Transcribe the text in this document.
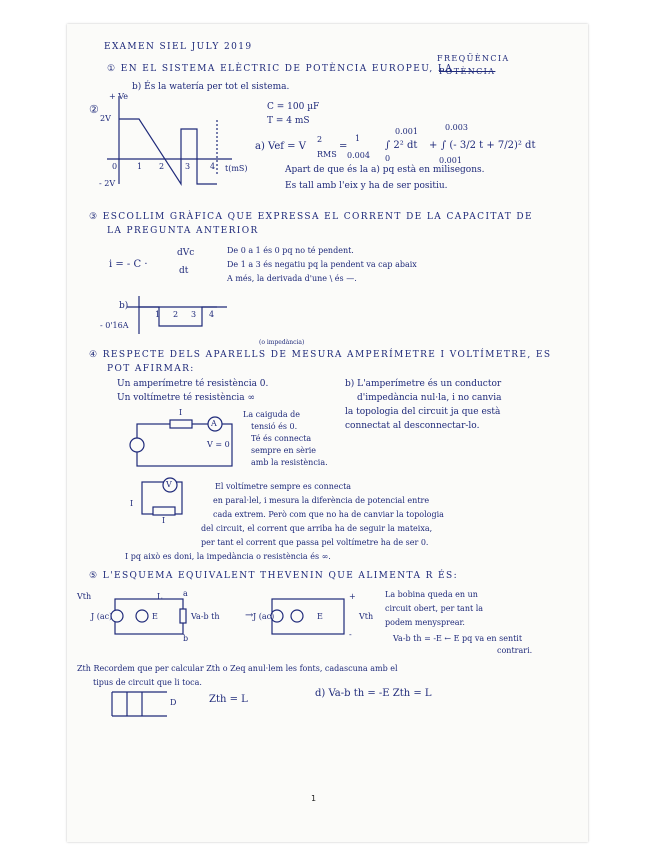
EXAMEN SIEL JULY 2019
FREQÜÈNCIA
① EN EL SISTEMA ELÈCTRIC DE POTÈNCIA EUROPEU, LA
POTÈNCIA
b) És la watería per tot el sistema.
②
+ Ve
2V
- 2V
t(mS)
0 1 2	3 4
C = 100 µF
T = 4 mS
a) Vef = V
2
RMS
=
1
0.004
0.001
0
∫ 2² dt +
0.003
0.001
∫ (- 3/2 t + 7/2)² dt
Apart de que és la a) pq està en milisegons.
Es tall amb l'eix y ha de ser positiu.
③ ESCOLLIM GRÀFICA QUE EXPRESSA EL CORRENT DE LA CAPACITAT DE
LA PREGUNTA ANTERIOR
i = - C ·
dVc
dt
De 0 a 1 és 0 pq no té pendent.
De 1 a 3 és negatiu pq la pendent va cap abaix
A més, la derivada d'une \ és —.
b)
- 0'16A
1 2 3 4
④ RESPECTE DELS APARELLS DE MESURA AMPERÍMETRE I VOLTÍMETRE, ES
(o impedància)
POT AFIRMAR:
Un amperímetre té resistència 0.
Un voltímetre té resistència ∞
b) L'amperímetre és un conductor
d'impedància nul·la, i no canvia
la topologia del circuit ja que està
connectat al desconnectar-lo.
I
A
V = 0
La caiguda de
tensió és 0.
Té és connecta
sempre en sèrie
amb la resistència.
V
I
I
El voltímetre sempre es connecta
en paral·lel, i mesura la diferència de potencial entre
cada extrem. Però com que no ha de canviar la topologia
del circuit, el corrent que arriba ha de seguir la mateixa,
per tant el corrent que passa pel voltímetre ha de ser 0.
I pq això es doni, la impedància o resistència és ∞.
⑤ L'ESQUEMA EQUIVALENT THEVENIN QUE ALIMENTA R ÉS:
Vth
J (ac)	E
L	a
b
Va-b th	→ J (ac)	E
+
-
Vth
La bobina queda en un
circuit obert, per tant la
podem menysprear.
Va-b th = -E ← E pq va en sentit
contrari.
Zth Recordem que per calcular Zth o Zeq anul·lem les fonts, cadascuna amb el
tipus de circuit que li toca.
D	Zth = L
d) Va-b th = -E Zth = L
1
